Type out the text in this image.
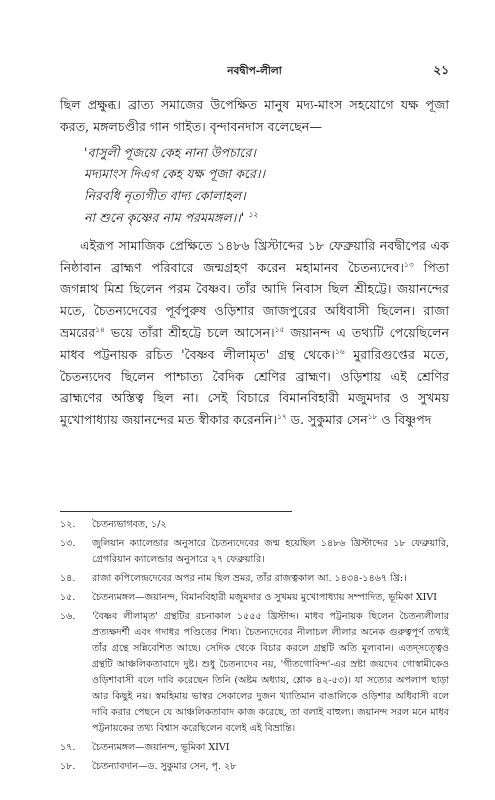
নবদ্বীপ-লীলা	২১

ছিল প্রক্ষুব্ধ। ব্রাত্য সমাজের উপেক্ষিত মানুষ মদ্য-মাংস সহযোগে যক্ষ পূজা করত, মঙ্গলচণ্ডীর গান গাইত। বৃন্দাবনদাস বলেছেন—

'বাসুলী পূজয়ে কেহ নানা উপচারে।
মদ্যমাংস দিএগ কেহ যক্ষ পূজা করে।।
নিরবধি নৃত্যগীত বাদ্য কোলাহল।
না শুনে কৃষ্ণের নাম পরমমঙ্গল।।' $^{১২}$

এইরূপ সামাজিক প্রেক্ষিতে ১৪৮৬ খ্রিস্টাব্দের ১৮ ফেব্রুয়ারি নবদ্বীপের এক নিষ্ঠাবান ব্রাহ্মণ পরিবারে জন্মগ্রহণ করেন মহামানব চৈতন্যদেব।$^{১৩}$ পিতা জগন্নাথ মিশ্র ছিলেন পরম বৈষ্ণব। তাঁর আদি নিবাস ছিল শ্রীহট্টে। জয়ানন্দের মতে, চৈতন্যদেবের পূর্বপুরুষ ওড়িশার জাজপুরের অধিবাসী ছিলেন। রাজা ভ্রমরের$^{১৪}$ ভয়ে তাঁরা শ্রীহট্টে চলে আসেন।$^{১৫}$ জয়ানন্দ এ তথ্যটি পেয়েছিলেন মাধব পট্টনায়ক রচিত 'বৈষ্ণব লীলামৃত' গ্রন্থ থেকে।$^{১৬}$ মুরারিগুপ্তের মতে, চৈতন্যদেব ছিলেন পাশ্চাত্য বৈদিক শ্রেণির ব্রাহ্মণ। ওড়িশায় এই শ্রেণির ব্রাহ্মণের অস্তিত্ব ছিল না। সেই বিচারে বিমানবিহারী মজুমদার ও সুখময় মুখোপাধ্যায় জয়ানন্দের মত স্বীকার করেননি।$^{১৭}$ ড. সুকুমার সেন$^{১৮}$ ও বিষ্ণুপদ

১২.	চৈতন্যভাগবত, ১/২
১৩.	জুলিয়ান ক্যালেন্ডার অনুসারে চৈতন্যদেবের জন্ম হয়েছিল ১৪৮৬ খ্রিস্টাব্দের ১৮ ফেব্রুয়ারি, গ্রেগরিয়ান ক্যালেন্ডার অনুসারে ২৭ ফেব্রুয়ারি।
১৪.	রাজা কপিলেন্দ্রদেবের অপর নাম ছিল ভ্রমর, তাঁর রাজত্বকাল আ. ১৪৩৪-১৪৬৭ খ্রি:।
১৫.	চৈতন্যমঙ্গল—জয়ানন্দ, বিমানবিহারী মজুমদার ও সুখময় মুখোপাধ্যায় সম্পাদিত, ভূমিকা XIVI
১৬.	'বৈষ্ণব লীলামৃত' গ্রন্থটির রচনাকাল ১৫৫৫ খ্রিস্টাব্দ। মাধব পট্টনায়ক ছিলেন চৈতন্যলীলার প্রত্যক্ষদর্শী এবং গদাধর পণ্ডিতের শিষ্য। চৈতন্যদেবের নীলাচল লীলার অনেক গুরুত্বপূর্ণ তথ্যই তাঁর গ্রন্থে সন্নিবেশিত আছে। সেদিক থেকে বিচার করলে গ্রন্থটি অতি মূল্যবান। এতদ্সত্ত্বেও গ্রন্থটি আঞ্চলিকতাবাদে দুষ্ট। শুধু চৈতন্যদেব নয়, 'গীতগোবিন্দ'-এর স্রষ্টা জয়দেব গোস্বামীকেও ওড়িশাবাসী বলে দাবি করেছেন তিনি (অষ্টম অধ্যায়, শ্লোক ৪২-৫৩)। যা সত্যের অপলাপ ছাড়া আর কিছুই নয়। স্বমহিমায় ভাস্বর সেকালের দুজন খ্যাতিমান বাঙালিকে ওড়িশার অধিবাসী বলে দাবি করার পেছনে যে আঞ্চলিকতাবাদ কাজ করেছে, তা বলাই বাহুল্য। জয়ানন্দ সরল মনে মাধব পট্টনায়কের তথ্য বিশ্বাস করেছিলেন বলেই এই বিভ্রান্তি।
১৭.	চৈতন্যমঙ্গল—জয়ানন্দ, ভূমিকা XIVI
১৮.	চৈতন্যাবদান—ড. সুকুমার সেন, পৃ. ২৮
